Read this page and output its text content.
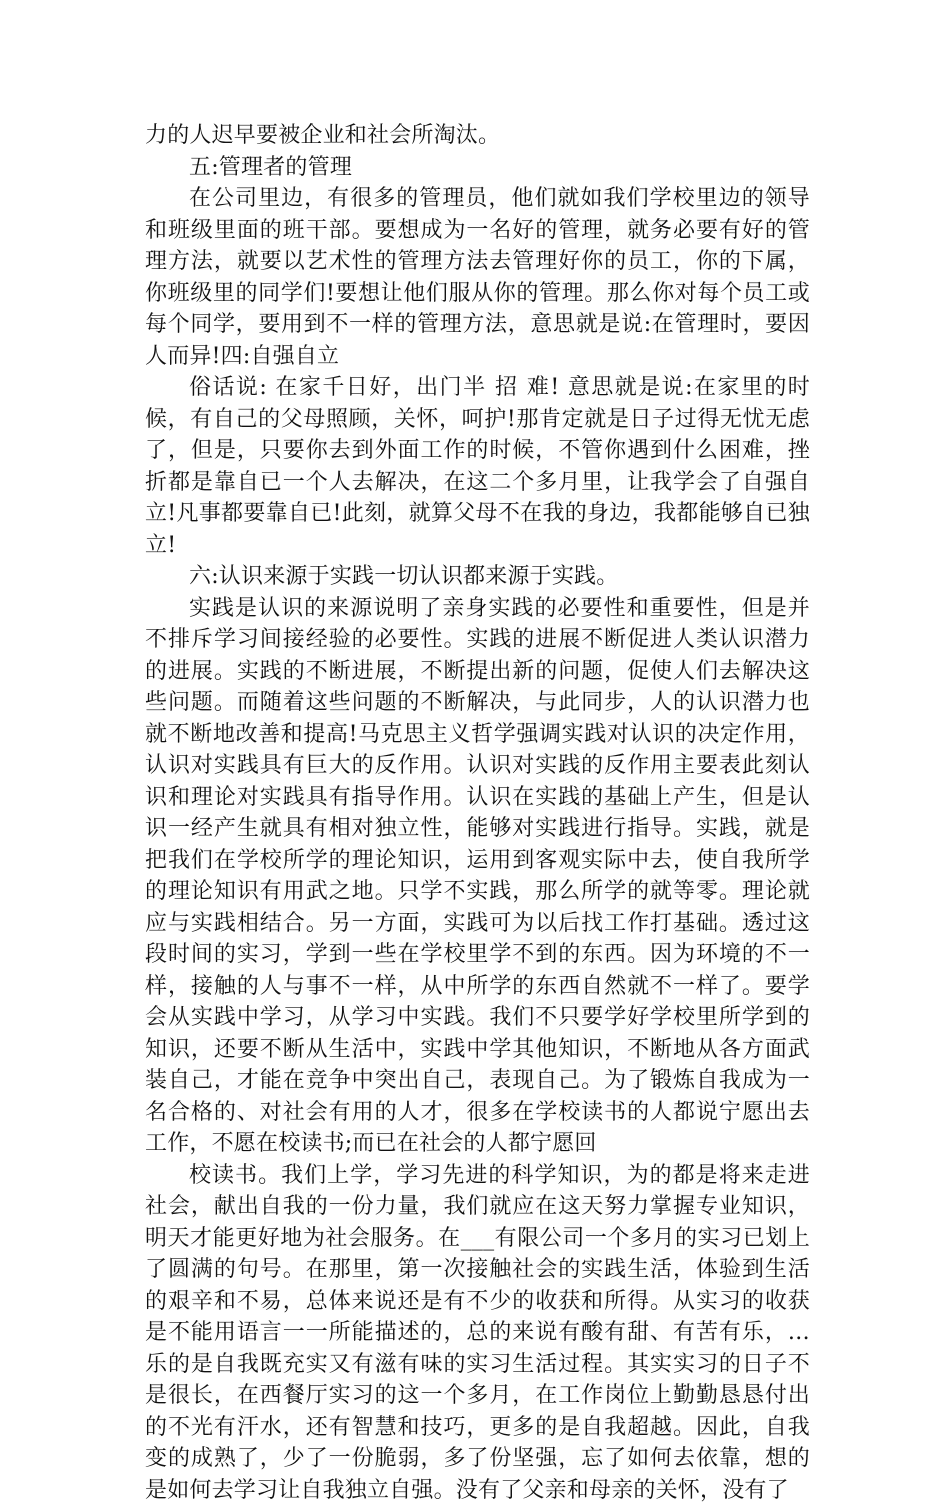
力的人迟早要被企业和社会所淘汰。

五:管理者的管理

在公司里边，有很多的管理员，他们就如我们学校里边的领导和班级里面的班干部。要想成为一名好的管理，就务必要有好的管理方法，就要以艺术性的管理方法去管理好你的员工，你的下属，你班级里的同学们!要想让他们服从你的管理。那么你对每个员工或每个同学，要用到不一样的管理方法，意思就是说:在管理时，要因人而异!四:自强自立

俗话说: 在家千日好，出门半 招 难! 意思就是说:在家里的时候，有自己的父母照顾，关怀，呵护!那肯定就是日子过得无忧无虑了，但是，只要你去到外面工作的时候，不管你遇到什么困难，挫折都是靠自已一个人去解决，在这二个多月里，让我学会了自强自立!凡事都要靠自已!此刻，就算父母不在我的身边，我都能够自已独立!

六:认识来源于实践一切认识都来源于实践。

实践是认识的来源说明了亲身实践的必要性和重要性，但是并不排斥学习间接经验的必要性。实践的进展不断促进人类认识潜力的进展。实践的不断进展，不断提出新的问题，促使人们去解决这些问题。而随着这些问题的不断解决，与此同步，人的认识潜力也就不断地改善和提高!马克思主义哲学强调实践对认识的决定作用，认识对实践具有巨大的反作用。认识对实践的反作用主要表此刻认识和理论对实践具有指导作用。认识在实践的基础上产生，但是认识一经产生就具有相对独立性，能够对实践进行指导。实践，就是把我们在学校所学的理论知识，运用到客观实际中去，使自我所学的理论知识有用武之地。只学不实践，那么所学的就等零。理论就应与实践相结合。另一方面，实践可为以后找工作打基础。透过这段时间的实习，学到一些在学校里学不到的东西。因为环境的不一样，接触的人与事不一样，从中所学的东西自然就不一样了。要学会从实践中学习，从学习中实践。我们不只要学好学校里所学到的知识，还要不断从生活中，实践中学其他知识，不断地从各方面武装自己，才能在竞争中突出自己，表现自己。为了锻炼自我成为一名合格的、对社会有用的人才，很多在学校读书的人都说宁愿出去工作，不愿在校读书;而已在社会的人都宁愿回

校读书。我们上学，学习先进的科学知识，为的都是将来走进社会，献出自我的一份力量，我们就应在这天努力掌握专业知识，明天才能更好地为社会服务。在___有限公司一个多月的实习已划上了圆满的句号。在那里，第一次接触社会的实践生活，体验到生活的艰辛和不易，总体来说还是有不少的收获和所得。从实习的收获是不能用语言一一所能描述的，总的来说有酸有甜、有苦有乐，…乐的是自我既充实又有滋有味的实习生活过程。其实实习的日子不是很长，在西餐厅实习的这一个多月，在工作岗位上勤勤恳恳付出的不光有汗水，还有智慧和技巧，更多的是自我超越。因此，自我变的成熟了，少了一份脆弱，多了份坚强，忘了如何去依靠，想的是如何去学习让自我独立自强。没有了父亲和母亲的关怀，没有了
